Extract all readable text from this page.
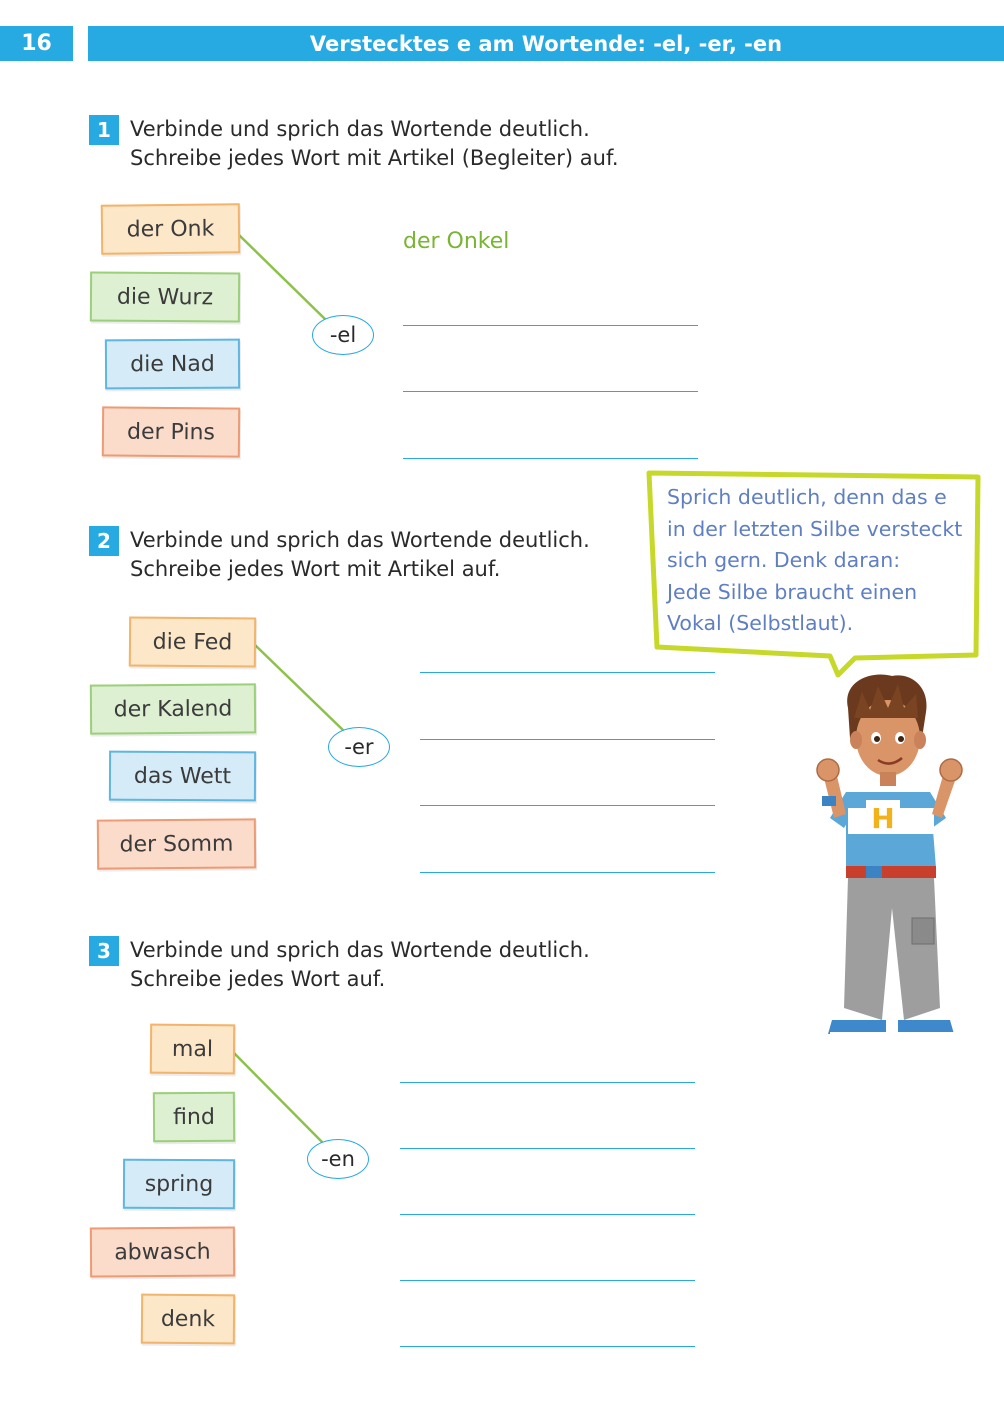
16	Verstecktes e am Wortende: -el, -er, -en
1 Verbinde und sprich das Wortende deutlich.
Schreibe jedes Wort mit Artikel (Begleiter) auf.
der Onk
die Wurz
die Nad
der Pins
-el
der Onkel
2 Verbinde und sprich das Wortende deutlich.
Schreibe jedes Wort mit Artikel auf.
die Fed
der Kalend
das Wett
der Somm
-er
3 Verbinde und sprich das Wortende deutlich.
Schreibe jedes Wort auf.
mal
find
spring
abwasch
denk
-en
Sprich deutlich, denn das e
in der letzten Silbe versteckt
sich gern. Denk daran:
Jede Silbe braucht einen
Vokal (Selbstlaut).
H
